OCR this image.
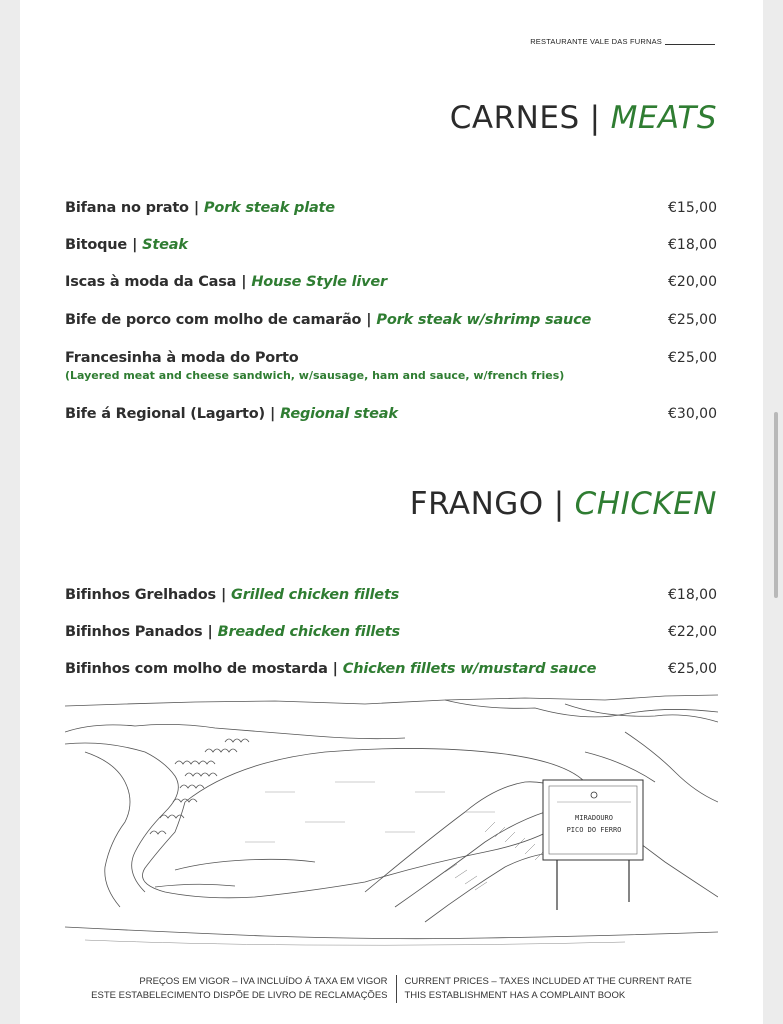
RESTAURANTE VALE DAS FURNAS
CARNES | MEATS
Bifana no prato | Pork steak plate	€15,00
Bitoque | Steak	€18,00
Iscas à moda da Casa | House Style liver	€20,00
Bife de porco com molho de camarão | Pork steak w/shrimp sauce	€25,00
Francesinha à moda do Porto	€25,00
(Layered meat and cheese sandwich, w/sausage, ham and sauce, w/french fries)
Bife á Regional (Lagarto) | Regional steak	€30,00
FRANGO | CHICKEN
Bifinhos Grelhados | Grilled chicken fillets	€18,00
Bifinhos Panados | Breaded chicken fillets	€22,00
Bifinhos com molho de mostarda | Chicken fillets w/mustard sauce	€25,00
MIRADOURO
PICO DO FERRO
PREÇOS EM VIGOR – IVA INCLUÍDO Á TAXA EM VIGOR
ESTE ESTABELECIMENTO DISPÕE DE LIVRO DE RECLAMAÇÕES
CURRENT PRICES – TAXES INCLUDED AT THE CURRENT RATE
THIS ESTABLISHMENT HAS A COMPLAINT BOOK
